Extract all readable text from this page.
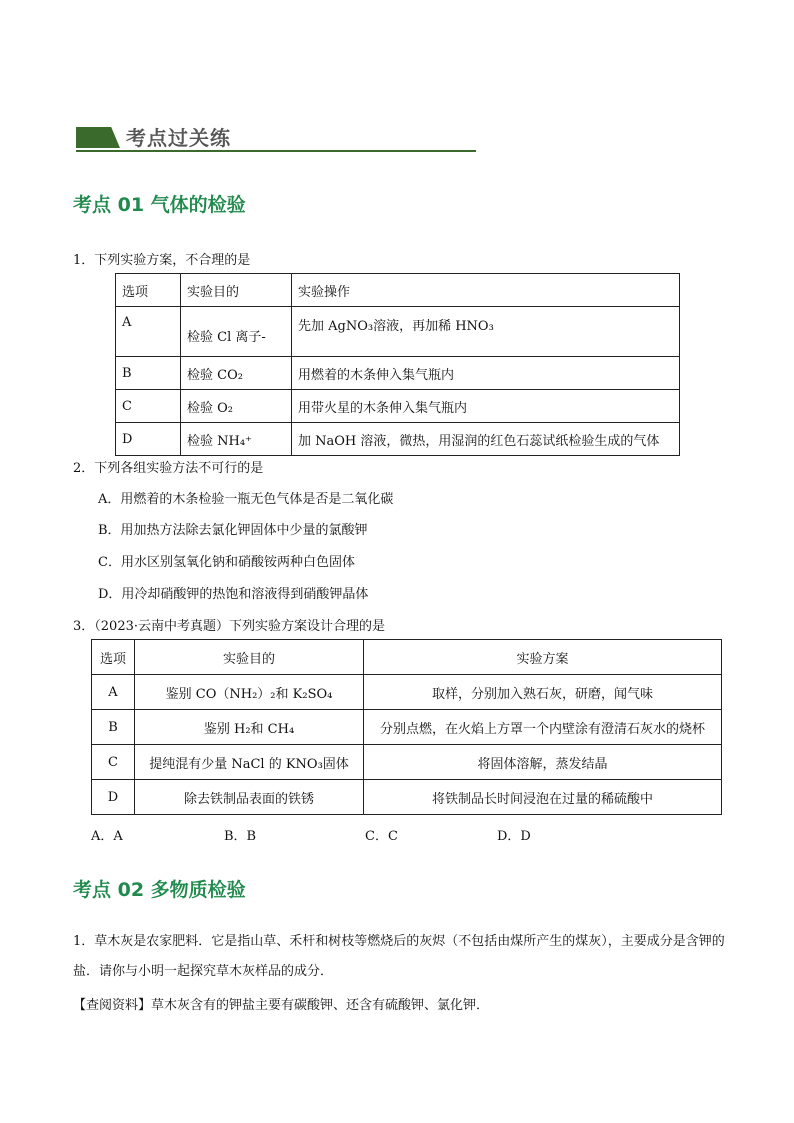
考点过关练
考点 01 气体的检验
1．下列实验方案，不合理的是
选项	实验目的	实验操作
A	检验 Cl 离子-	先加 AgNO₃溶液，再加稀 HNO₃
B	检验 CO₂	用燃着的木条伸入集气瓶内
C	检验 O₂	用带火星的木条伸入集气瓶内
D	检验 NH₄⁺	加 NaOH 溶液，微热，用湿润的红色石蕊试纸检验生成的气体
2．下列各组实验方法不可行的是
A．用燃着的木条检验一瓶无色气体是否是二氧化碳
B．用加热方法除去氯化钾固体中少量的氯酸钾
C．用水区别氢氧化钠和硝酸铵两种白色固体
D．用冷却硝酸钾的热饱和溶液得到硝酸钾晶体
3．（2023·云南中考真题）下列实验方案设计合理的是
选项	实验目的	实验方案
A	鉴别 CO（NH₂）₂和 K₂SO₄	取样，分别加入熟石灰，研磨，闻气味
B	鉴别 H₂和 CH₄	分别点燃，在火焰上方罩一个内壁涂有澄清石灰水的烧杯
C	提纯混有少量 NaCl 的 KNO₃固体	将固体溶解，蒸发结晶
D	除去铁制品表面的铁锈	将铁制品长时间浸泡在过量的稀硫酸中
A．A	B．B	C．C	D．D
考点 02 多物质检验
1．草木灰是农家肥料．它是指山草、禾杆和树枝等燃烧后的灰烬（不包括由煤所产生的煤灰），主要成分是含钾的盐．请你与小明一起探究草木灰样品的成分．
【查阅资料】草木灰含有的钾盐主要有碳酸钾、还含有硫酸钾、氯化钾．
